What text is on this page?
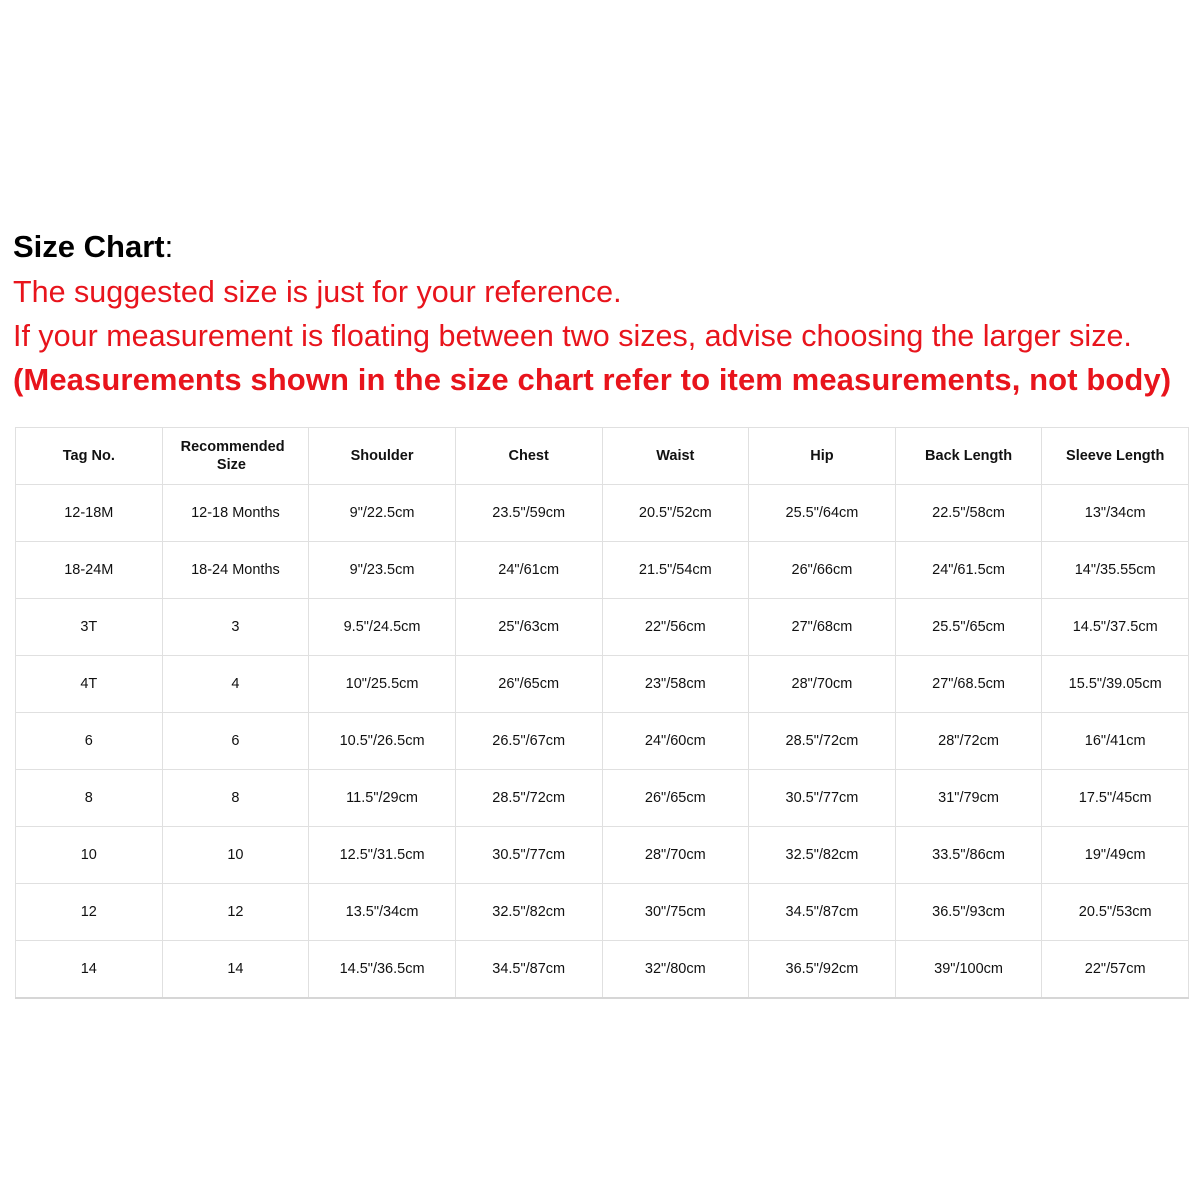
Size Chart:
The suggested size is just for your reference.
If your measurement is floating between two sizes, advise choosing the larger size.
(Measurements shown in the size chart refer to item measurements, not body)
Tag No.	Recommended Size	Shoulder	Chest	Waist	Hip	Back Length	Sleeve Length
12-18M	12-18 Months	9"/22.5cm	23.5"/59cm	20.5"/52cm	25.5"/64cm	22.5"/58cm	13"/34cm
18-24M	18-24 Months	9"/23.5cm	24"/61cm	21.5"/54cm	26"/66cm	24"/61.5cm	14"/35.55cm
3T	3	9.5"/24.5cm	25"/63cm	22"/56cm	27"/68cm	25.5"/65cm	14.5"/37.5cm
4T	4	10"/25.5cm	26"/65cm	23"/58cm	28"/70cm	27"/68.5cm	15.5"/39.05cm
6	6	10.5"/26.5cm	26.5"/67cm	24"/60cm	28.5"/72cm	28"/72cm	16"/41cm
8	8	11.5"/29cm	28.5"/72cm	26"/65cm	30.5"/77cm	31"/79cm	17.5"/45cm
10	10	12.5"/31.5cm	30.5"/77cm	28"/70cm	32.5"/82cm	33.5"/86cm	19"/49cm
12	12	13.5"/34cm	32.5"/82cm	30"/75cm	34.5"/87cm	36.5"/93cm	20.5"/53cm
14	14	14.5"/36.5cm	34.5"/87cm	32"/80cm	36.5"/92cm	39"/100cm	22"/57cm
